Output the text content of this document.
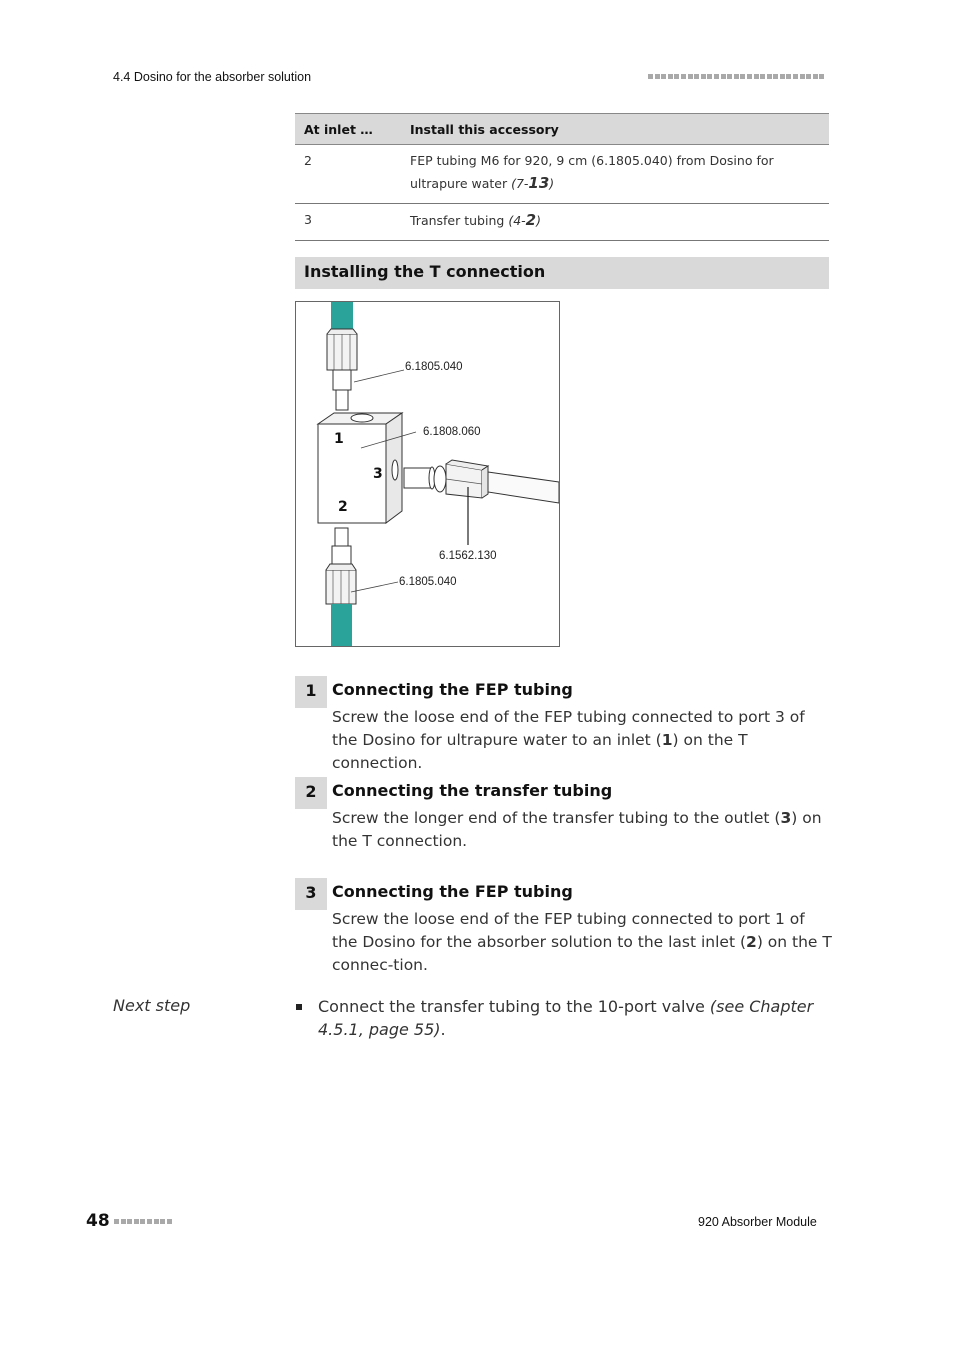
4.4 Dosino for the absorber solution
At inlet …	Install this accessory
2	FEP tubing M6 for 920, 9 cm (6.1805.040) from Dosino for ultrapure water (7-13)
3	Transfer tubing (4-2)
Installing the T connection
6.1805.040
6.1808.060
6.1562.130
6.1805.040
1
3
2
1 Connecting the FEP tubing
Screw the loose end of the FEP tubing connected to port 3 of the Dosino for ultrapure water to an inlet (1) on the T connection.
2 Connecting the transfer tubing
Screw the longer end of the transfer tubing to the outlet (3) on the T connection.
3 Connecting the FEP tubing
Screw the loose end of the FEP tubing connected to port 1 of the Dosino for the absorber solution to the last inlet (2) on the T connec-tion.
Next step	Connect the transfer tubing to the 10-port valve (see Chapter 4.5.1, page 55).
48	920 Absorber Module
